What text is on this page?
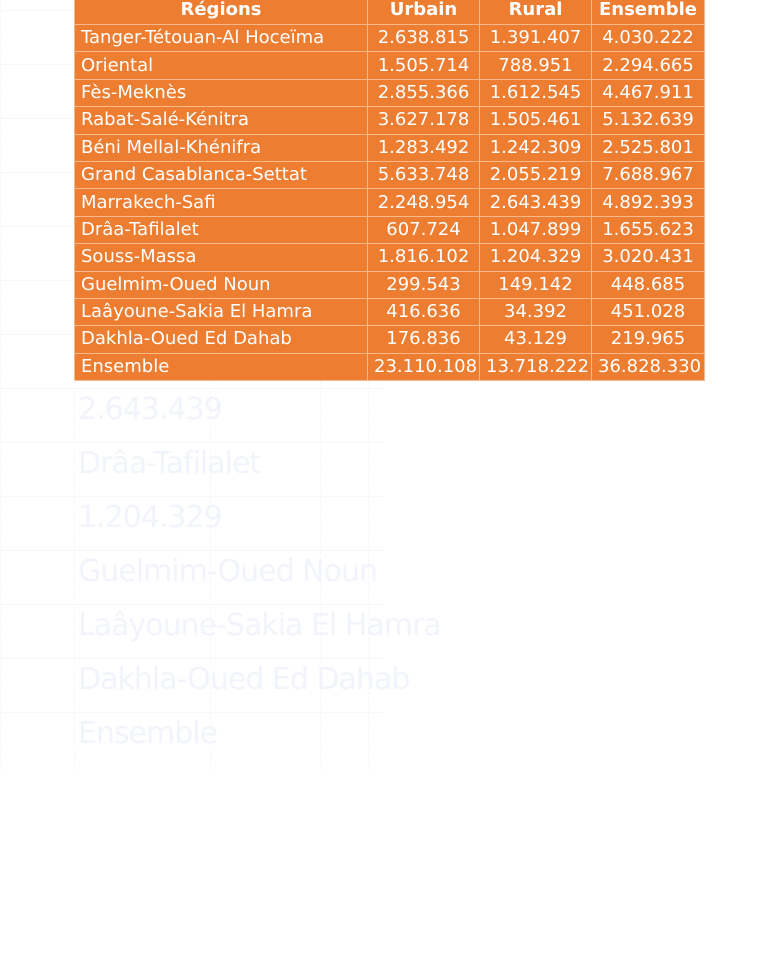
2.643.439
Drâa-Tafilalet
1.204.329
Guelmim-Oued Noun
Laâyoune-Sakia El Hamra
Dakhla-Oued Ed Dahab
Ensemble
Régions	Urbain	Rural	Ensemble
Tanger-Tétouan-Al Hoceïma	2.638.815	1.391.407	4.030.222
Oriental	1.505.714	788.951	2.294.665
Fès-Meknès	2.855.366	1.612.545	4.467.911
Rabat-Salé-Kénitra	3.627.178	1.505.461	5.132.639
Béni Mellal-Khénifra	1.283.492	1.242.309	2.525.801
Grand Casablanca-Settat	5.633.748	2.055.219	7.688.967
Marrakech-Safi	2.248.954	2.643.439	4.892.393
Drâa-Tafilalet	607.724	1.047.899	1.655.623
Souss-Massa	1.816.102	1.204.329	3.020.431
Guelmim-Oued Noun	299.543	149.142	448.685
Laâyoune-Sakia El Hamra	416.636	34.392	451.028
Dakhla-Oued Ed Dahab	176.836	43.129	219.965
Ensemble	23.110.108	13.718.222	36.828.330
